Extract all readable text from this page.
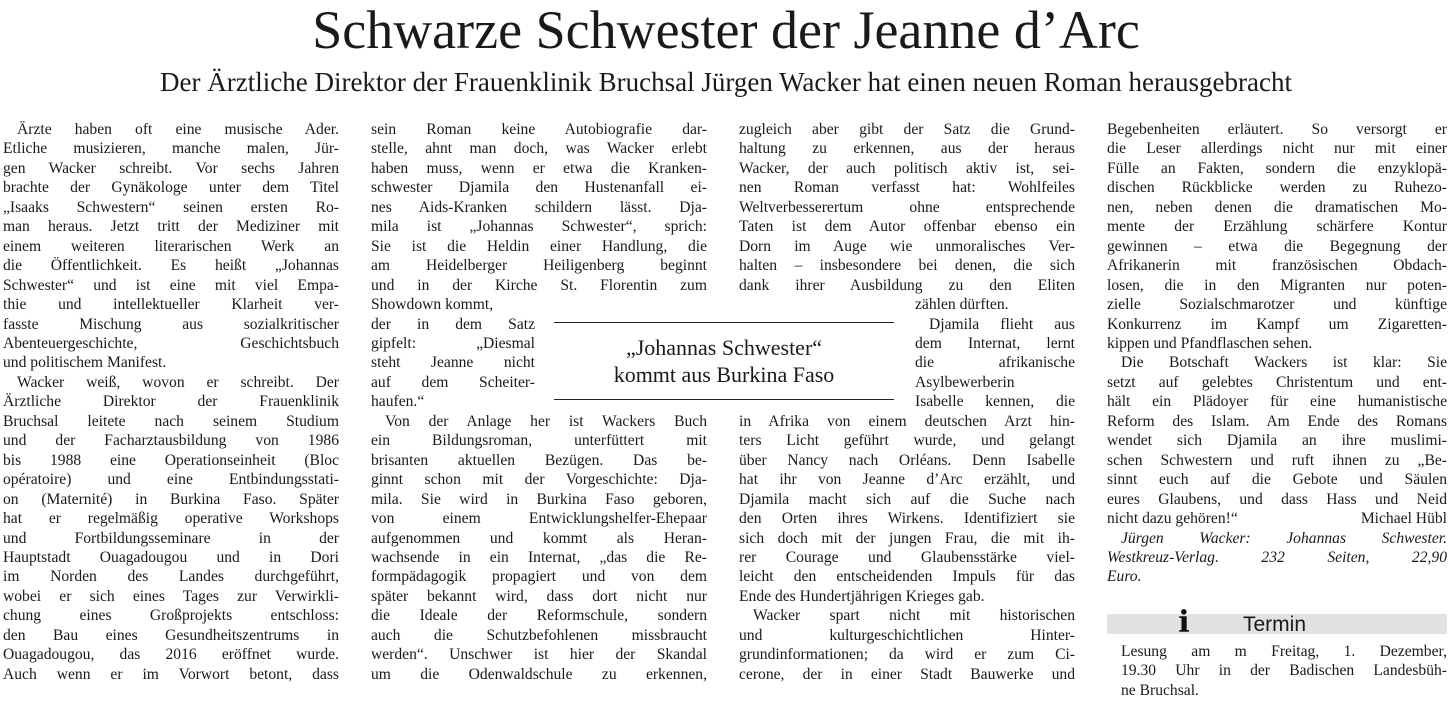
Schwarze Schwester der Jeanne d’Arc
Der Ärztliche Direktor der Frauenklinik Bruchsal Jürgen Wacker hat einen neuen Roman herausgebracht
Ärzte haben oft eine musische Ader.
Etliche musizieren, manche malen, Jür-
gen Wacker schreibt. Vor sechs Jahren
brachte der Gynäkologe unter dem Titel
„Isaaks Schwestern“ seinen ersten Ro-
man heraus. Jetzt tritt der Mediziner mit
einem weiteren literarischen Werk an
die Öffentlichkeit. Es heißt „Johannas
Schwester“ und ist eine mit viel Empa-
thie und intellektueller Klarheit ver-
fasste Mischung aus sozialkritischer
Abenteuergeschichte, Geschichtsbuch
und politischem Manifest.
Wacker weiß, wovon er schreibt. Der
Ärztliche Direktor der Frauenklinik
Bruchsal leitete nach seinem Studium
und der Facharztausbildung von 1986
bis 1988 eine Operationseinheit (Bloc
opératoire) und eine Entbindungsstati-
on (Maternité) in Burkina Faso. Später
hat er regelmäßig operative Workshops
und Fortbildungsseminare in der
Hauptstadt Ouagadougou und in Dori
im Norden des Landes durchgeführt,
wobei er sich eines Tages zur Verwirkli-
chung eines Großprojekts entschloss:
den Bau eines Gesundheitszentrums in
Ouagadougou, das 2016 eröffnet wurde.
Auch wenn er im Vorwort betont, dass
sein Roman keine Autobiografie dar-
stelle, ahnt man doch, was Wacker erlebt
haben muss, wenn er etwa die Kranken-
schwester Djamila den Hustenanfall ei-
nes Aids-Kranken schildern lässt. Dja-
mila ist „Johannas Schwester“, sprich:
Sie ist die Heldin einer Handlung, die
am Heidelberger Heiligenberg beginnt
und in der Kirche St. Florentin zum
Showdown kommt,
der in dem Satz
gipfelt: „Diesmal
steht Jeanne nicht
auf dem Scheiter-
haufen.“
Von der Anlage her ist Wackers Buch
ein Bildungsroman, unterfüttert mit
brisanten aktuellen Bezügen. Das be-
ginnt schon mit der Vorgeschichte: Dja-
mila. Sie wird in Burkina Faso geboren,
von einem Entwicklungshelfer-Ehepaar
aufgenommen und kommt als Heran-
wachsende in ein Internat, „das die Re-
formpädagogik propagiert und von dem
später bekannt wird, dass dort nicht nur
die Ideale der Reformschule, sondern
auch die Schutzbefohlenen missbraucht
werden“. Unschwer ist hier der Skandal
um die Odenwaldschule zu erkennen,
zugleich aber gibt der Satz die Grund-
haltung zu erkennen, aus der heraus
Wacker, der auch politisch aktiv ist, sei-
nen Roman verfasst hat: Wohlfeiles
Weltverbesserertum ohne entsprechende
Taten ist dem Autor offenbar ebenso ein
Dorn im Auge wie unmoralisches Ver-
halten – insbesondere bei denen, die sich
dank ihrer Ausbildung zu den Eliten
zählen dürften.
Djamila flieht aus
dem Internat, lernt
die afrikanische
Asylbewerberin
Isabelle kennen, die
in Afrika von einem deutschen Arzt hin-
ters Licht geführt wurde, und gelangt
über Nancy nach Orléans. Denn Isabelle
hat ihr von Jeanne d’Arc erzählt, und
Djamila macht sich auf die Suche nach
den Orten ihres Wirkens. Identifiziert sie
sich doch mit der jungen Frau, die mit ih-
rer Courage und Glaubensstärke viel-
leicht den entscheidenden Impuls für das
Ende des Hundertjährigen Krieges gab.
Wacker spart nicht mit historischen
und kulturgeschichtlichen Hinter-
grundinformationen; da wird er zum Ci-
cerone, der in einer Stadt Bauwerke und
Begebenheiten erläutert. So versorgt er
die Leser allerdings nicht nur mit einer
Fülle an Fakten, sondern die enzyklopä-
dischen Rückblicke werden zu Ruhezo-
nen, neben denen die dramatischen Mo-
mente der Erzählung schärfere Kontur
gewinnen – etwa die Begegnung der
Afrikanerin mit französischen Obdach-
losen, die in den Migranten nur poten-
zielle Sozialschmarotzer und künftige
Konkurrenz im Kampf um Zigaretten-
kippen und Pfandflaschen sehen.
Die Botschaft Wackers ist klar: Sie
setzt auf gelebtes Christentum und ent-
hält ein Plädoyer für eine humanistische
Reform des Islam. Am Ende des Romans
wendet sich Djamila an ihre muslimi-
schen Schwestern und ruft ihnen zu „Be-
sinnt euch auf die Gebote und Säulen
eures Glaubens, und dass Hass und Neid
nicht dazu gehören!“	Michael Hübl
Jürgen Wacker: Johannas Schwester.
Westkreuz-Verlag. 232 Seiten, 22,90
Euro.
„Johannas Schwester“
kommt aus Burkina Faso
i	Termin
Lesung am m Freitag, 1. Dezember,
19.30 Uhr in der Badischen Landesbüh-
ne Bruchsal.
